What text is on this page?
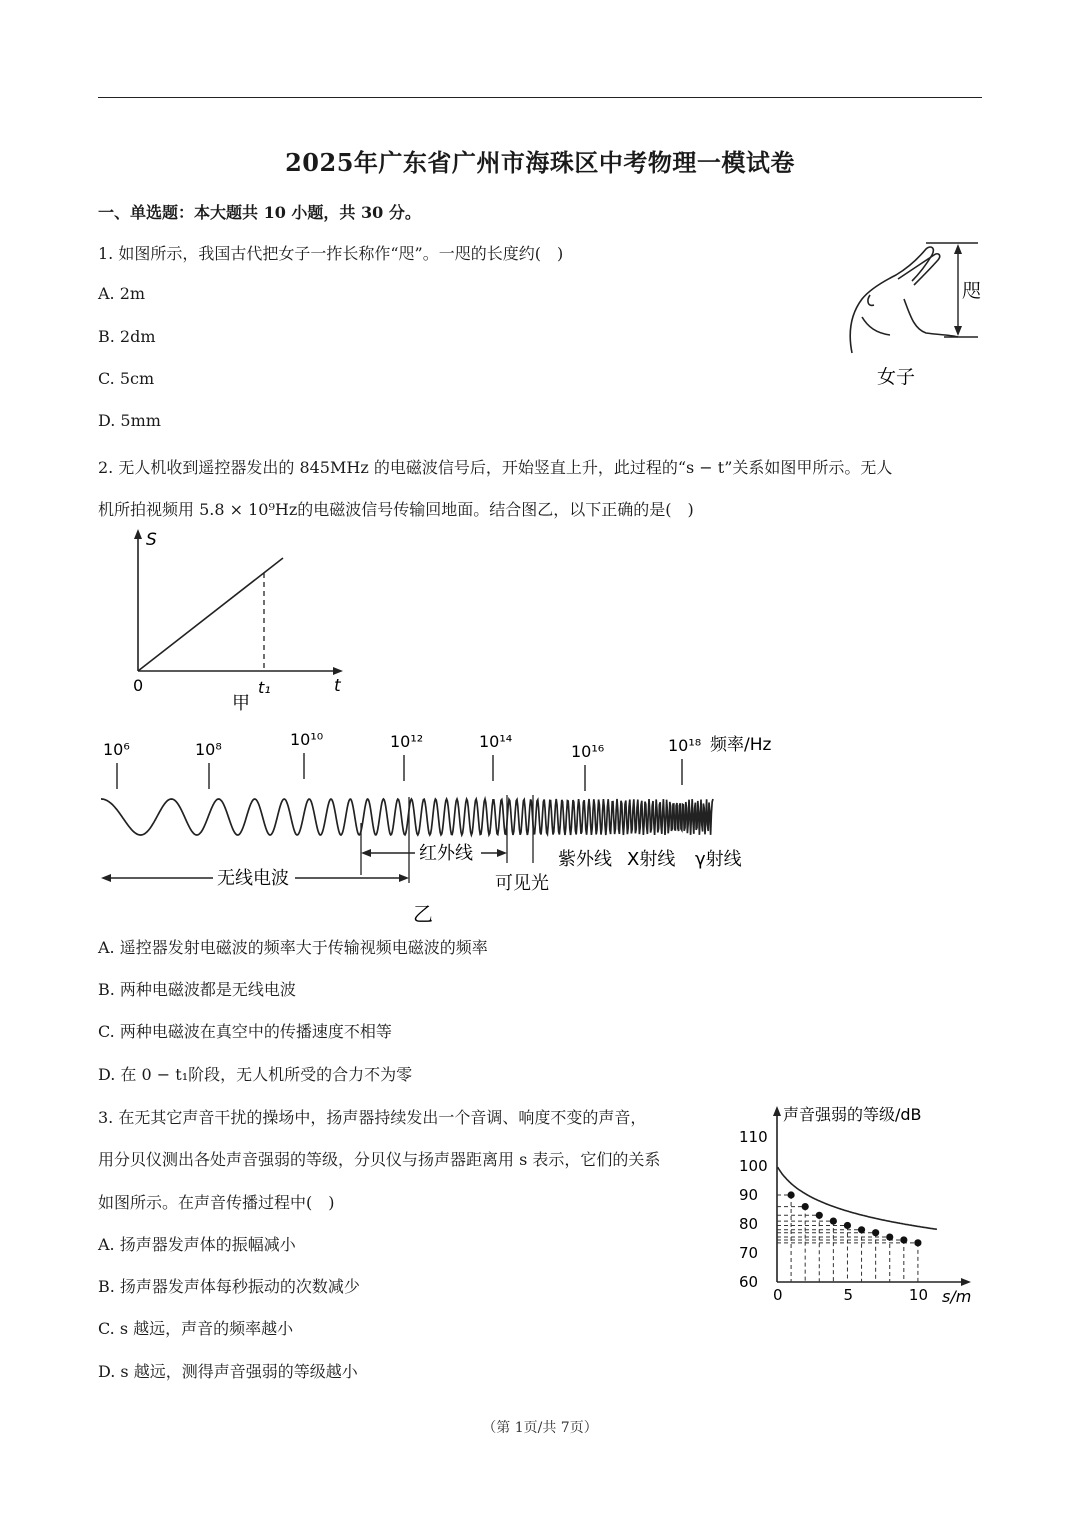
2025年广东省广州市海珠区中考物理一模试卷
一、单选题：本大题共 10 小题，共 30 分。
1. 如图所示，我国古代把女子一拃长称作“咫”。一咫的长度约(　)
A. 2m
B. 2dm
C. 5cm
D. 5mm
咫
女子
2. 无人机收到遥控器发出的 845MHz 的电磁波信号后，开始竖直上升，此过程的“s − t”关系如图甲所示。无人
机所拍视频用 5.8 × 10⁹Hz的电磁波信号传输回地面。结合图乙，以下正确的是(　)
S
t
0	t₁
甲
10⁶	10⁸
10¹⁰	10¹²	10¹⁴
10¹⁶	10¹⁸ 频率/Hz
无线电波
红外线
可见光
紫外线 X射线 γ射线
乙
A. 遥控器发射电磁波的频率大于传输视频电磁波的频率
B. 两种电磁波都是无线电波
C. 两种电磁波在真空中的传播速度不相等
D. 在 0 − t₁阶段，无人机所受的合力不为零
3. 在无其它声音干扰的操场中，扬声器持续发出一个音调、响度不变的声音，
用分贝仪测出各处声音强弱的等级，分贝仪与扬声器距离用 s 表示，它们的关系
如图所示。在声音传播过程中(　)
A. 扬声器发声体的振幅减小
B. 扬声器发声体每秒振动的次数减少
C. s 越远，声音的频率越小
D. s 越远，测得声音强弱的等级越小
声音强弱的等级/dB
s/m
60
70
80
90
100
110
0	5	10
（第 1页/共 7页）
